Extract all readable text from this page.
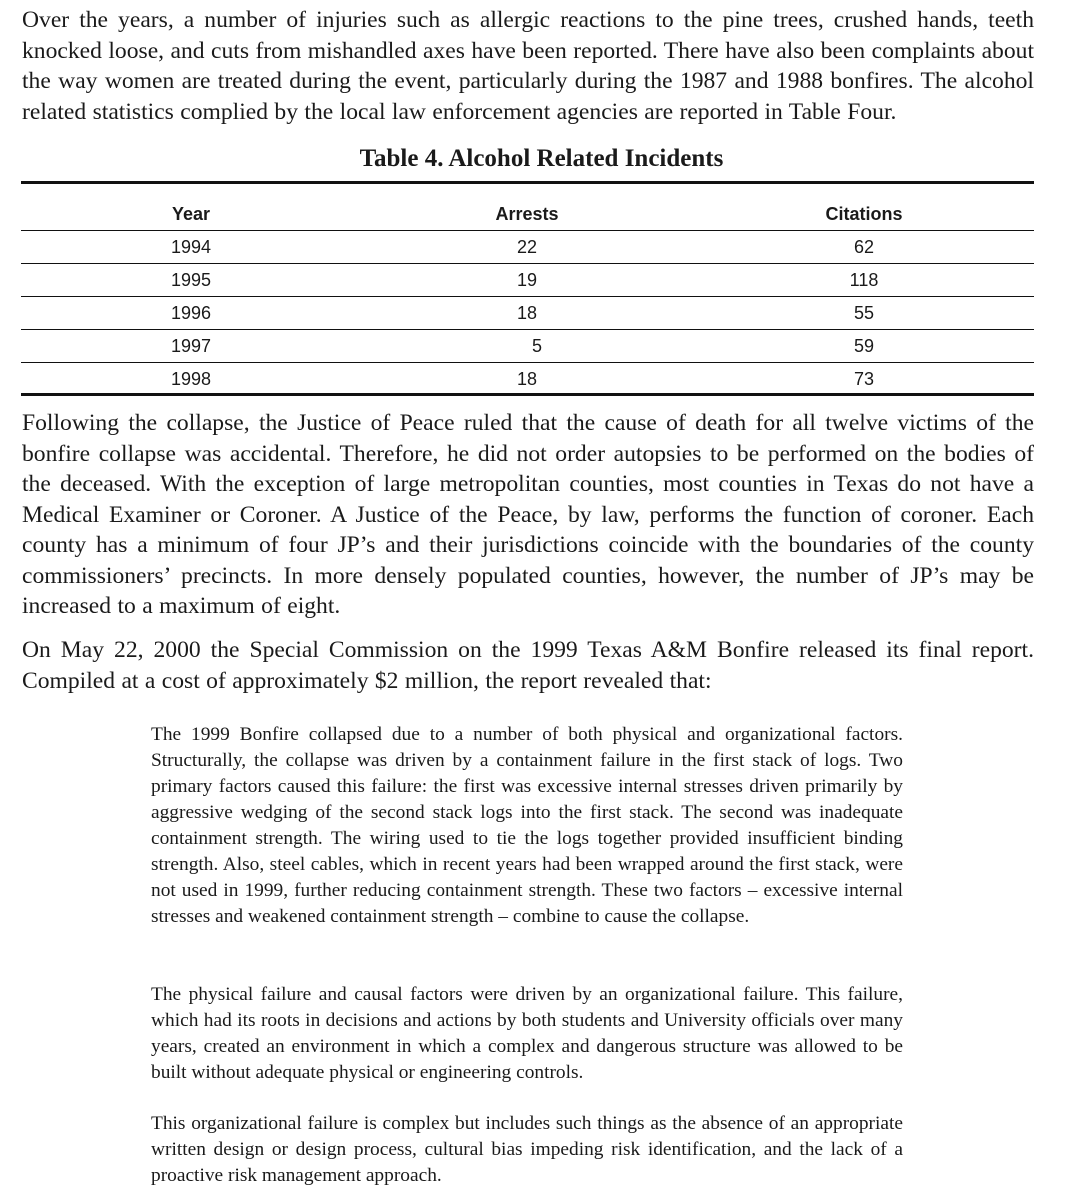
Over the years, a number of injuries such as allergic reactions to the pine trees, crushed hands, teeth knocked loose, and cuts from mishandled axes have been reported. There have also been complaints about the way women are treated during the event, particularly during the 1987 and 1988 bonfires. The alcohol related statistics complied by the local law enforcement agencies are reported in Table Four.

Table 4. Alcohol Related Incidents
Year	Arrests	Citations
1994	22	62
1995	19	118
1996	18	55
1997	5	59
1998	18	73

Following the collapse, the Justice of Peace ruled that the cause of death for all twelve victims of the bonfire collapse was accidental. Therefore, he did not order autopsies to be performed on the bodies of the deceased. With the exception of large metropolitan counties, most counties in Texas do not have a Medical Examiner or Coroner. A Justice of the Peace, by law, performs the function of coroner. Each county has a minimum of four JP’s and their jurisdictions coincide with the boundaries of the county commissioners’ precincts. In more densely populated counties, however, the number of JP’s may be increased to a maximum of eight.

On May 22, 2000 the Special Commission on the 1999 Texas A&M Bonfire released its final report. Compiled at a cost of approximately $2 million, the report revealed that:

The 1999 Bonfire collapsed due to a number of both physical and organizational factors. Structurally, the collapse was driven by a containment failure in the first stack of logs. Two primary factors caused this failure: the first was excessive internal stresses driven primarily by aggressive wedging of the second stack logs into the first stack. The second was inadequate containment strength. The wiring used to tie the logs together provided insufficient binding strength. Also, steel cables, which in recent years had been wrapped around the first stack, were not used in 1999, further reducing containment strength. These two factors – excessive internal stresses and weakened containment strength – combine to cause the collapse.

The physical failure and causal factors were driven by an organizational failure. This failure, which had its roots in decisions and actions by both students and University officials over many years, created an environment in which a complex and dangerous structure was allowed to be built without adequate physical or engineering controls.

This organizational failure is complex but includes such things as the absence of an appropriate written design or design process, cultural bias impeding risk identification, and the lack of a proactive risk management approach.
